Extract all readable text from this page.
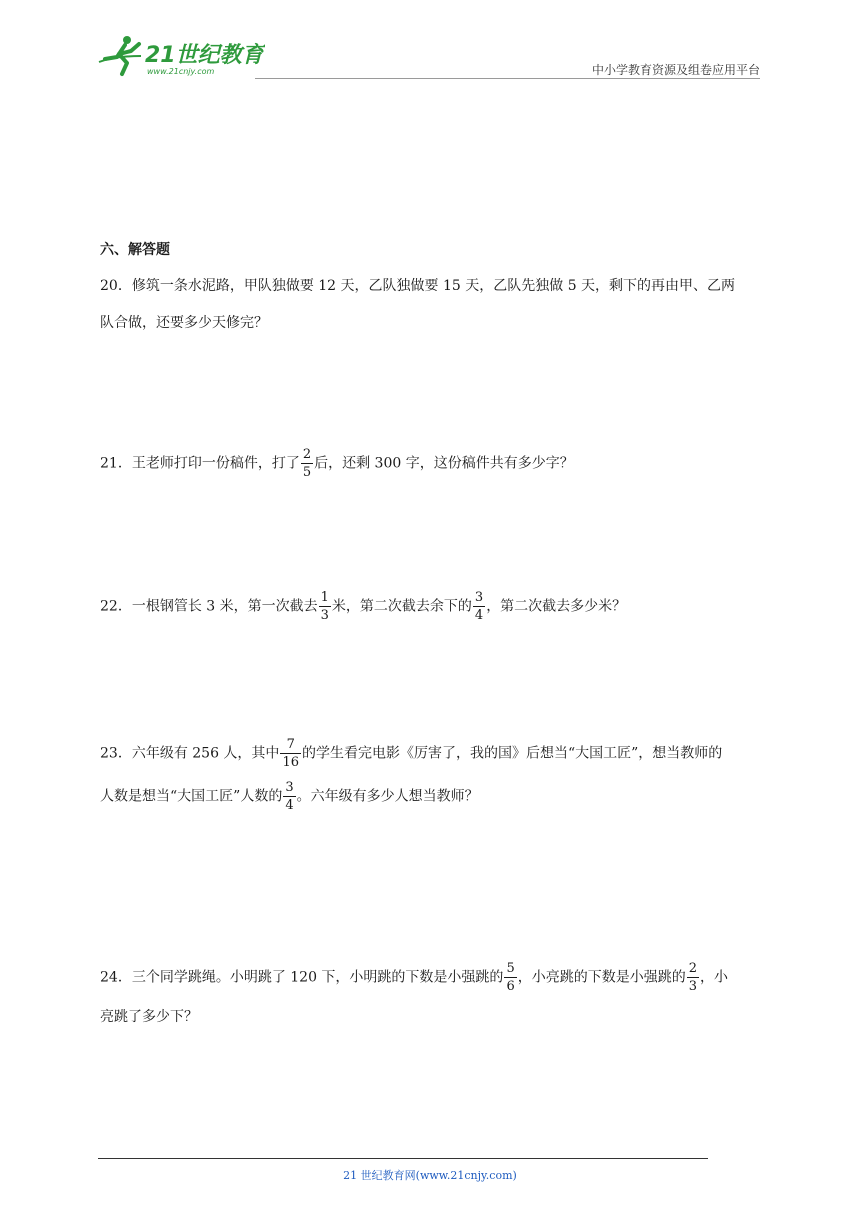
21世纪教育
www.21cnjy.com	中小学教育资源及组卷应用平台
六、解答题
20．修筑一条水泥路，甲队独做要 12 天，乙队独做要 15 天，乙队先独做 5 天，剩下的再由甲、乙两
队合做，还要多少天修完？
21．王老师打印一份稿件，打了 $\frac{2}{5}$ 后，还剩 300 字，这份稿件共有多少字？
22．一根钢管长 3 米，第一次截去 $\frac{1}{3}$ 米，第二次截去余下的 $\frac{3}{4}$ ，第二次截去多少米？
23．六年级有 256 人，其中 $\frac{7}{16}$ 的学生看完电影《厉害了，我的国》后想当“大国工匠”，想当教师的
人数是想当“大国工匠”人数的 $\frac{3}{4}$ 。六年级有多少人想当教师？
24．三个同学跳绳。小明跳了 120 下，小明跳的下数是小强跳的 $\frac{5}{6}$ ，小亮跳的下数是小强跳的 $\frac{2}{3}$ ，小
亮跳了多少下？
21 世纪教育网(www.21cnjy.com)
